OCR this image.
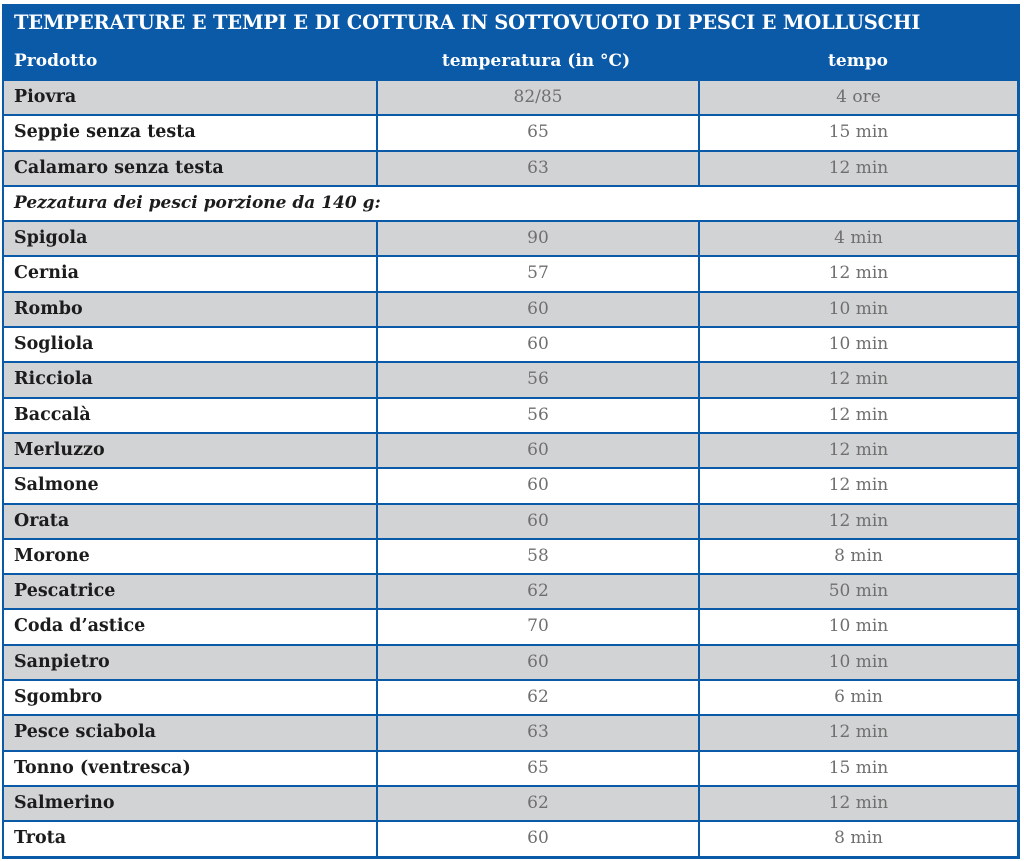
TEMPERATURE E TEMPI E DI COTTURA IN SOTTOVUOTO DI PESCI E MOLLUSCHI
Prodotto	temperatura (in °C)	tempo
Piovra	82/85	4 ore
Seppie senza testa	65	15 min
Calamaro senza testa	63	12 min
Pezzatura dei pesci porzione da 140 g:
Spigola	90	4 min
Cernia	57	12 min
Rombo	60	10 min
Sogliola	60	10 min
Ricciola	56	12 min
Baccalà	56	12 min
Merluzzo	60	12 min
Salmone	60	12 min
Orata	60	12 min
Morone	58	8 min
Pescatrice	62	50 min
Coda d’astice	70	10 min
Sanpietro	60	10 min
Sgombro	62	6 min
Pesce sciabola	63	12 min
Tonno (ventresca)	65	15 min
Salmerino	62	12 min
Trota	60	8 min
